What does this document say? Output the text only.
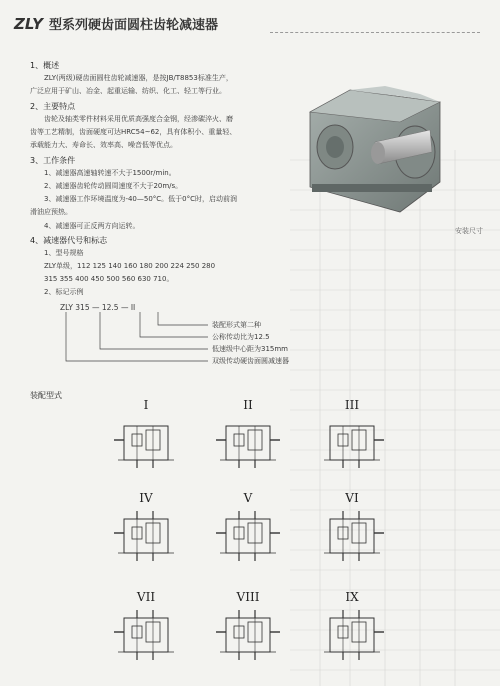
ZLY 型系列硬齿面圆柱齿轮减速器
1、概述
ZLY(两级)硬齿面圆柱齿轮减速器，是按JB/T8853标准生产，
广泛应用于矿山、冶金、起重运输、纺织、化工、轻工等行业。
2、主要特点
齿轮及轴类零件材料采用优质高强度合金钢，经渗碳淬火、磨
齿等工艺精制，齿面硬度可达HRC54~62，具有体积小、重量轻、
承载能力大、寿命长、效率高、噪音低等优点。
3、工作条件
1、减速器高速轴转速不大于1500r/min。
2、减速器齿轮传动圆周速度不大于20m/s。
3、减速器工作环境温度为-40—50°C。低于0°C时，启动前润
滑油应预热。
4、减速器可正反两方向运转。
4、减速器代号和标志
1、型号规格
ZLY单级，112 125 140 160 180 200 224 250 280
315 355 400 450 500 560 630 710。
2、标记示例
ZLY 315 — 12.5 — II
装配形式第二种
公称传动比为12.5
低速级中心距为315mm
双级传动硬齿面圆减速器
安装尺寸
装配型式
I	II	III
IV	V	VI
VII	VIII	IX
